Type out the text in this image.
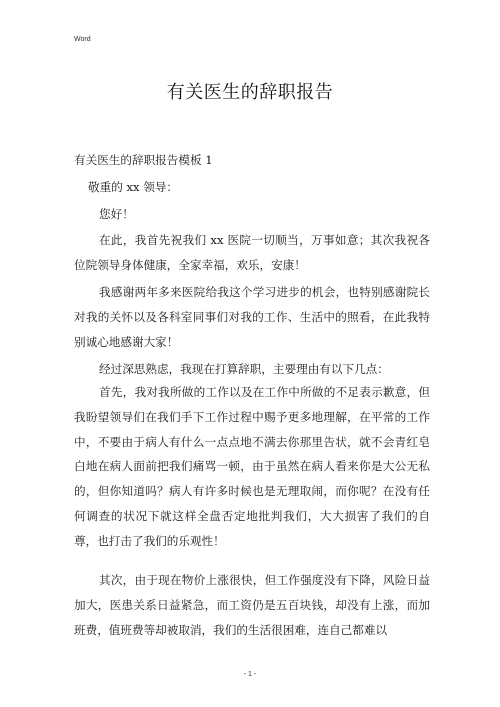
Word
有关医生的辞职报告
有关医生的辞职报告模板 1
敬重的 xx 领导：

您好！

在此，我首先祝我们 xx 医院一切顺当，万事如意；其次我祝各位院领导身体健康，全家幸福，欢乐，安康！

我感谢两年多来医院给我这个学习进步的机会，也特别感谢院长对我的关怀以及各科室同事们对我的工作、生活中的照看，在此我特别诚心地感谢大家！

经过深思熟虑，我现在打算辞职，主要理由有以下几点：

首先，我对我所做的工作以及在工作中所做的不足表示歉意，但我盼望领导们在我们手下工作过程中赐予更多地理解，在平常的工作中，不要由于病人有什么一点点地不满去你那里告状，就不会青红皂白地在病人面前把我们痛骂一顿，由于虽然在病人看来你是大公无私的，但你知道吗？病人有许多时候也是无理取闹，而你呢？在没有任何调查的状况下就这样全盘否定地批判我们，大大损害了我们的自尊，也打击了我们的乐观性！

其次，由于现在物价上涨很快，但工作强度没有下降，风险日益加大，医患关系日益紧急，而工资仍是五百块钱，却没有上涨，而加班费，值班费等却被取消，我们的生活很困难，连自己都难以

- 1 -
